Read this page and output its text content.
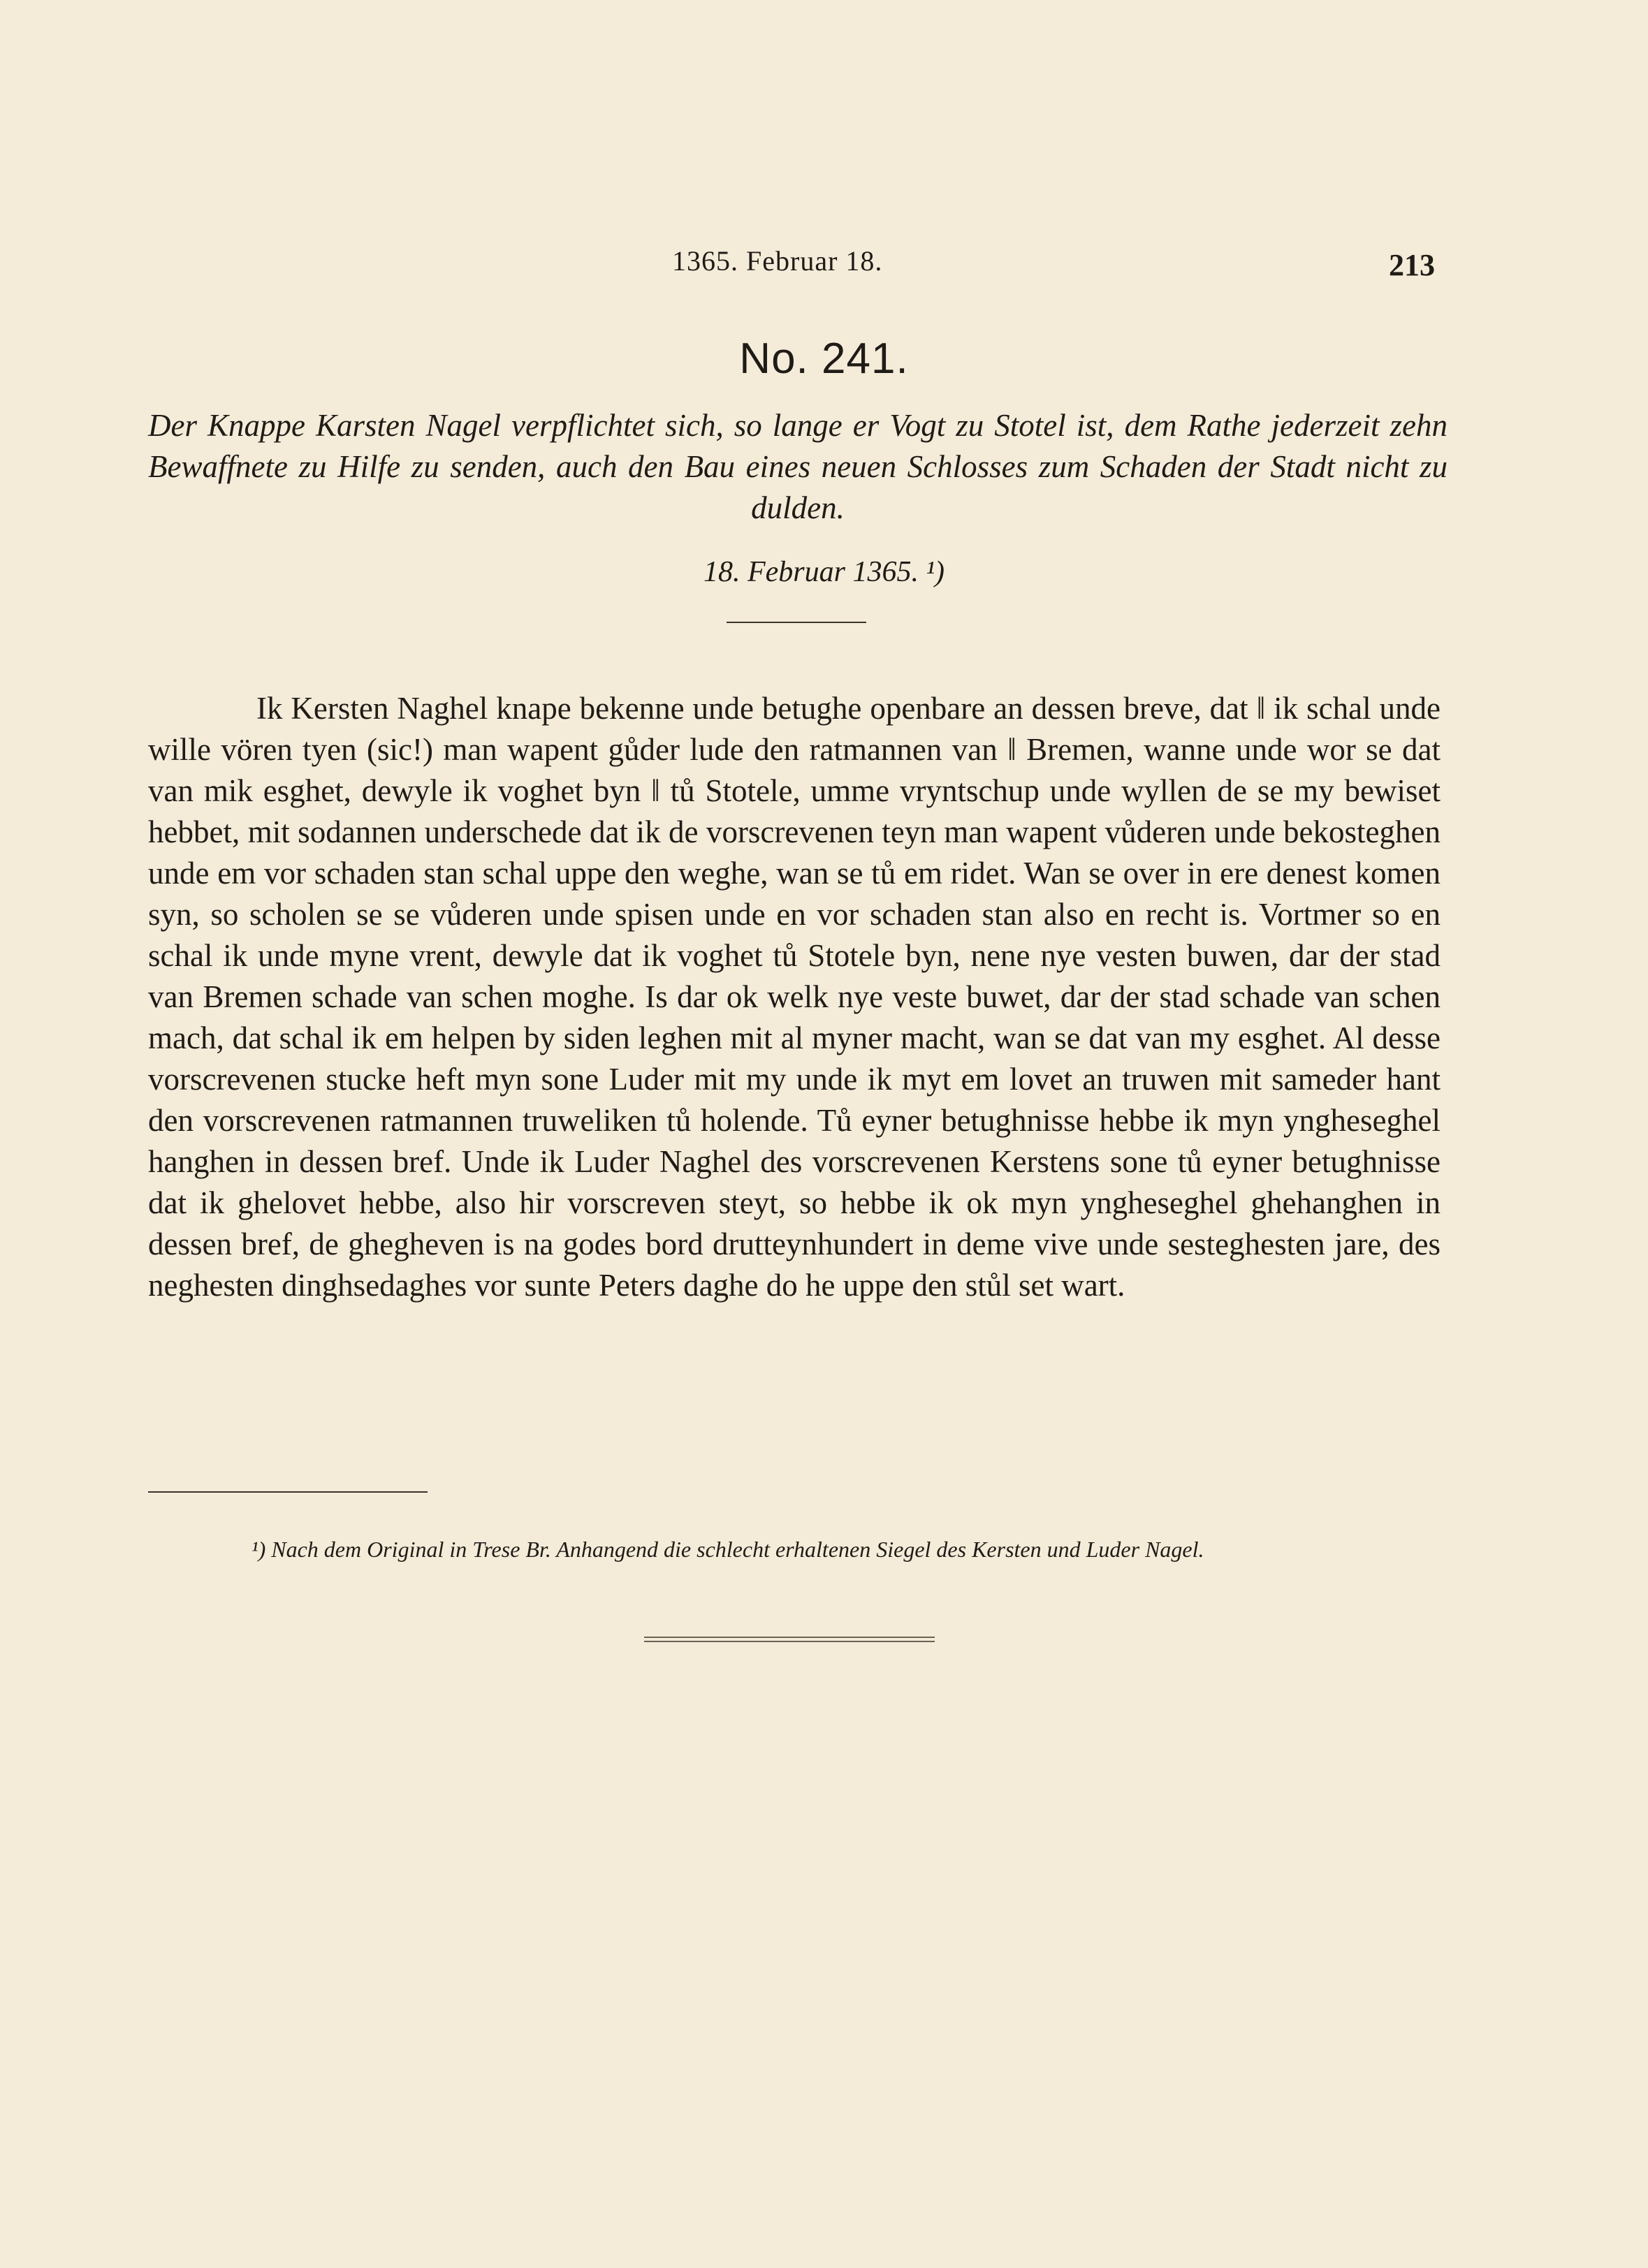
1365. Februar 18.	213
No. 241.
Der Knappe Karsten Nagel verpflichtet sich, so lange er Vogt zu Stotel ist, dem Rathe jederzeit zehn Bewaffnete zu Hilfe zu senden, auch den Bau eines neuen Schlosses zum Schaden der Stadt nicht zu dulden.
18. Februar 1365. ¹)

Ik Kersten Naghel knape bekenne unde betughe openbare an dessen breve, dat ‖ ik schal unde wille vören tyen (sic!) man wapent gůder lude den ratmannen van ‖ Bremen, wanne unde wor se dat van mik esghet, dewyle ik voghet byn ‖ tů Stotele, umme vryntschup unde wyllen de se my bewiset hebbet, mit sodannen underschede dat ik de vorscrevenen teyn man wapent vůderen unde bekosteghen unde em vor schaden stan schal uppe den weghe, wan se tů em ridet. Wan se over in ere denest komen syn, so scholen se se vůderen unde spisen unde en vor schaden stan also en recht is. Vortmer so en schal ik unde myne vrent, dewyle dat ik voghet tů Stotele byn, nene nye vesten buwen, dar der stad van Bremen schade van schen moghe. Is dar ok welk nye veste buwet, dar der stad schade van schen mach, dat schal ik em helpen by siden leghen mit al myner macht, wan se dat van my esghet. Al desse vorscrevenen stucke heft myn sone Luder mit my unde ik myt em lovet an truwen mit sameder hant den vorscrevenen ratmannen truweliken tů holende. Tů eyner betughnisse hebbe ik myn yngheseghel hanghen in dessen bref. Unde ik Luder Naghel des vorscrevenen Kerstens sone tů eyner betughnisse dat ik ghelovet hebbe, also hir vorscreven steyt, so hebbe ik ok myn yngheseghel ghehanghen in dessen bref, de ghegheven is na godes bord drutteynhundert in deme vive unde sesteghesten jare, des neghesten dinghsedaghes vor sunte Peters daghe do he uppe den stůl set wart.

¹) Nach dem Original in Trese Br. Anhangend die schlecht erhaltenen Siegel des Kersten und Luder Nagel.
